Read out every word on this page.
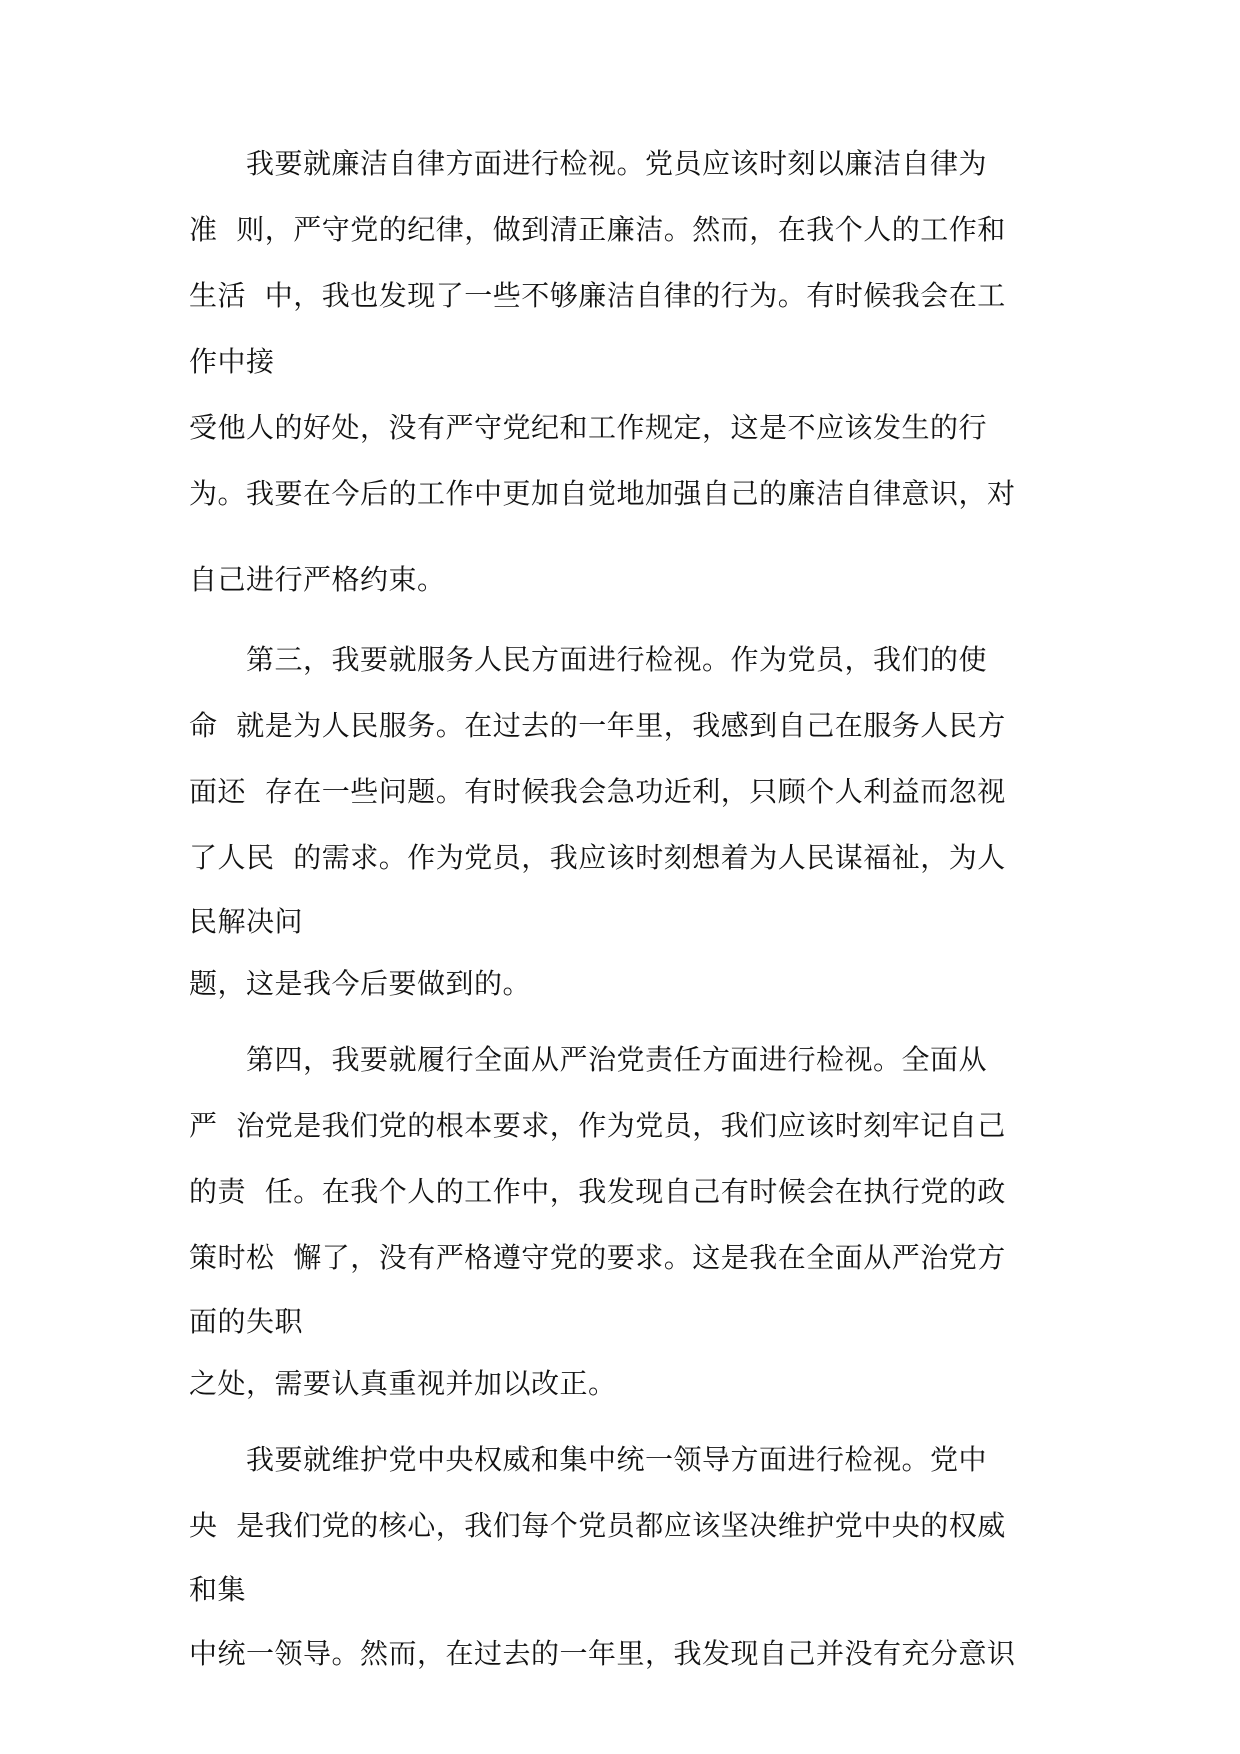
　　我要就廉洁自律方面进行检视。党员应该时刻以廉洁自律为
准  则，严守党的纪律，做到清正廉洁。然而，在我个人的工作和
生活  中，我也发现了一些不够廉洁自律的行为。有时候我会在工
作中接
受他人的好处，没有严守党纪和工作规定，这是不应该发生的行
为。我要在今后的工作中更加自觉地加强自己的廉洁自律意识，对
自己进行严格约束。
　　第三，我要就服务人民方面进行检视。作为党员，我们的使
命  就是为人民服务。在过去的一年里，我感到自己在服务人民方
面还  存在一些问题。有时候我会急功近利，只顾个人利益而忽视
了人民  的需求。作为党员，我应该时刻想着为人民谋福祉，为人
民解决问
题，这是我今后要做到的。
　　第四，我要就履行全面从严治党责任方面进行检视。全面从
严  治党是我们党的根本要求，作为党员，我们应该时刻牢记自己
的责  任。在我个人的工作中，我发现自己有时候会在执行党的政
策时松  懈了，没有严格遵守党的要求。这是我在全面从严治党方
面的失职
之处，需要认真重视并加以改正。
　　我要就维护党中央权威和集中统一领导方面进行检视。党中
央  是我们党的核心，我们每个党员都应该坚决维护党中央的权威
和集
中统一领导。然而，在过去的一年里，我发现自己并没有充分意识
